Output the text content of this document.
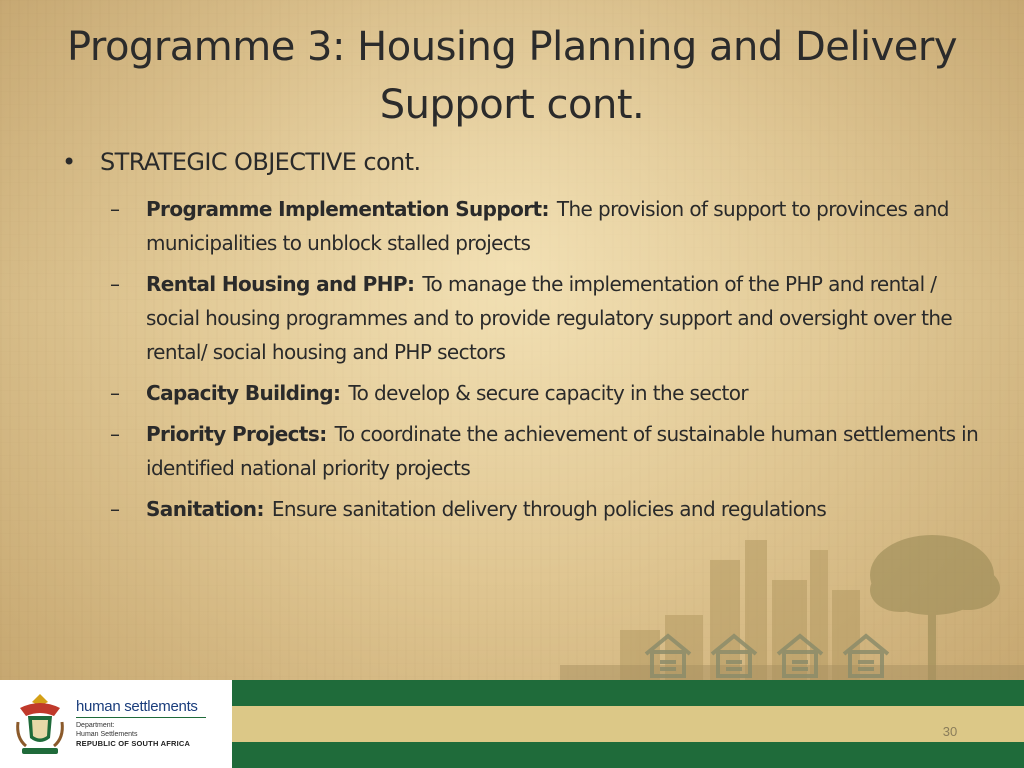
Programme 3: Housing Planning and Delivery Support cont.
• STRATEGIC OBJECTIVE cont.
– Programme Implementation Support: The provision of support to provinces and municipalities to unblock stalled projects
– Rental Housing and PHP: To manage the implementation of the PHP and rental / social housing programmes and to provide regulatory support and oversight over the rental/ social housing and PHP sectors
– Capacity Building: To develop & secure capacity in the sector
– Priority Projects: To coordinate the achievement of sustainable human settlements in identified national priority projects
– Sanitation: Ensure sanitation delivery through policies and regulations
30
human settlements
Department:
Human Settlements
REPUBLIC OF SOUTH AFRICA
